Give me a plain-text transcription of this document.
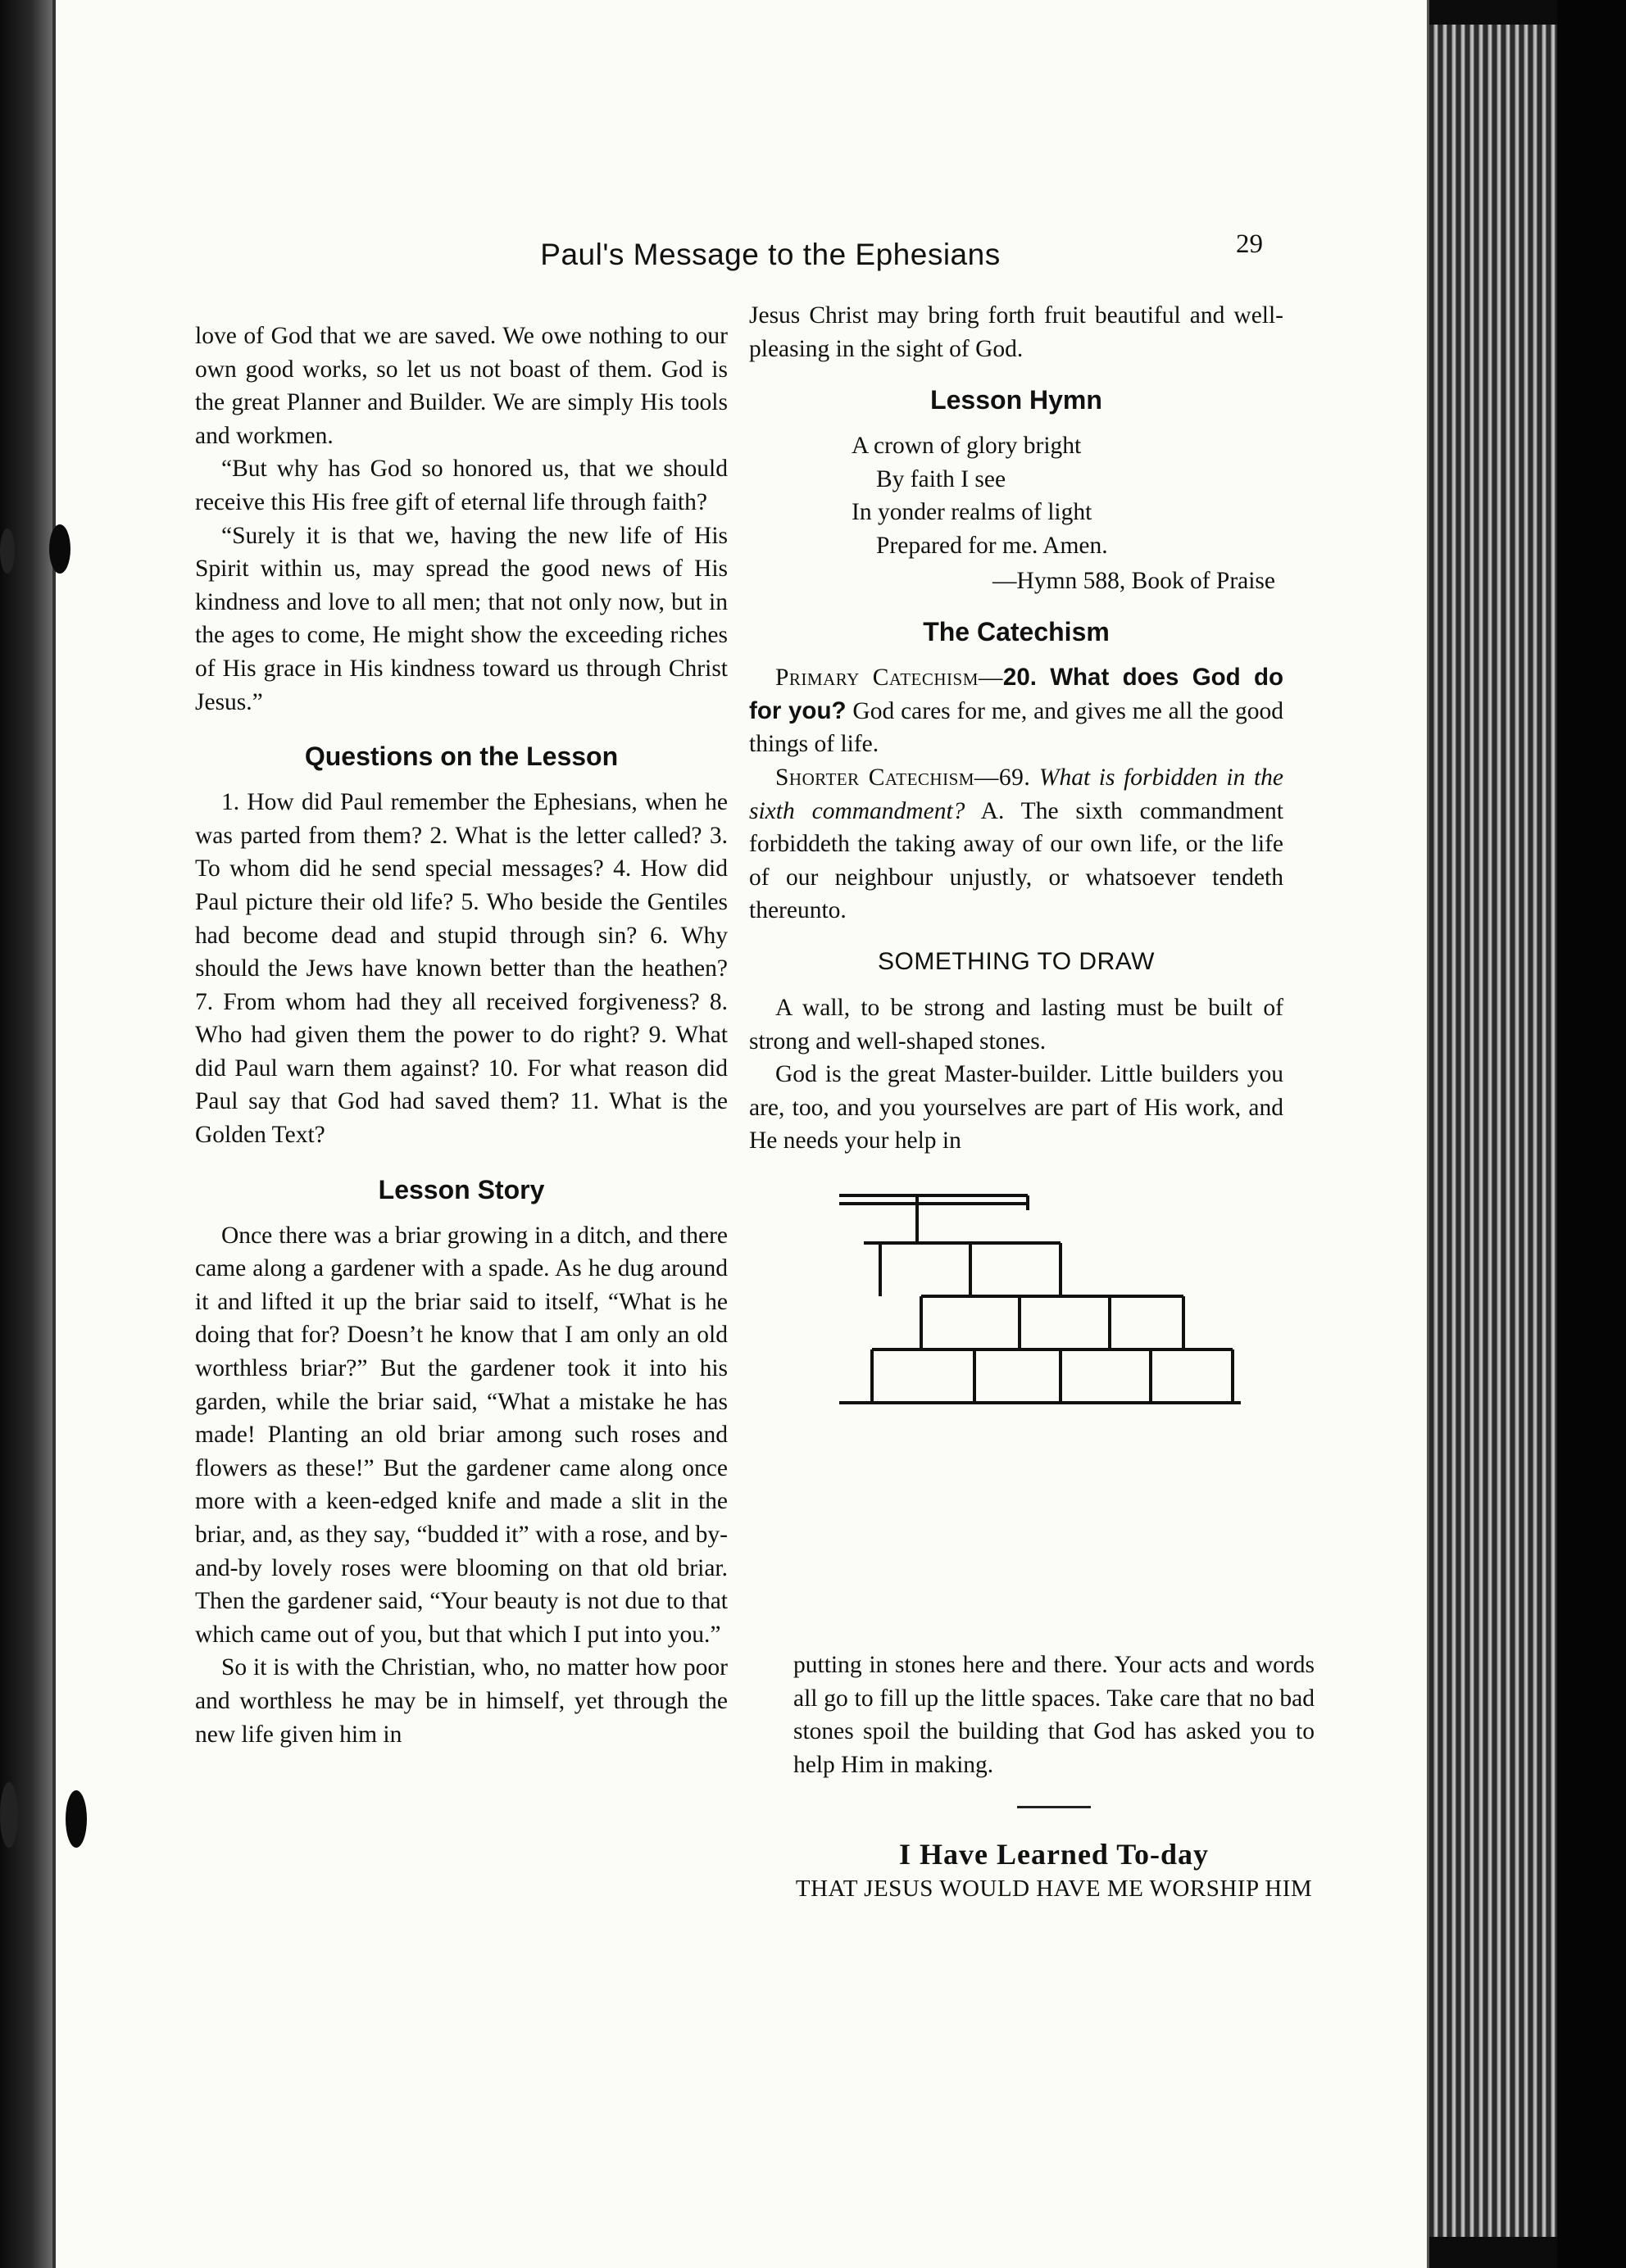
Paul's Message to the Ephesians	29

love of God that we are saved. We owe nothing to our own good works, so let us not boast of them. God is the great Planner and Builder. We are simply His tools and workmen.

“But why has God so honored us, that we should receive this His free gift of eternal life through faith?

“Surely it is that we, having the new life of His Spirit within us, may spread the good news of His kindness and love to all men; that not only now, but in the ages to come, He might show the exceeding riches of His grace in His kindness toward us through Christ Jesus.”

Questions on the Lesson

1. How did Paul remember the Ephesians, when he was parted from them? 2. What is the letter called? 3. To whom did he send special messages? 4. How did Paul picture their old life? 5. Who beside the Gentiles had become dead and stupid through sin? 6. Why should the Jews have known better than the heathen? 7. From whom had they all received forgiveness? 8. Who had given them the power to do right? 9. What did Paul warn them against? 10. For what reason did Paul say that God had saved them? 11. What is the Golden Text?

Lesson Story

Once there was a briar growing in a ditch, and there came along a gardener with a spade. As he dug around it and lifted it up the briar said to itself, “What is he doing that for? Doesn’t he know that I am only an old worthless briar?” But the gardener took it into his garden, while the briar said, “What a mistake he has made! Planting an old briar among such roses and flowers as these!” But the gardener came along once more with a keen-edged knife and made a slit in the briar, and, as they say, “budded it” with a rose, and by-and-by lovely roses were blooming on that old briar. Then the gardener said, “Your beauty is not due to that which came out of you, but that which I put into you.”

So it is with the Christian, who, no matter how poor and worthless he may be in himself, yet through the new life given him in

Jesus Christ may bring forth fruit beautiful and well-pleasing in the sight of God.

Lesson Hymn
A crown of glory bright
By faith I see
In yonder realms of light
Prepared for me. Amen.
—Hymn 588, Book of Praise
The Catechism

Primary Catechism—20. What does God do for you? God cares for me, and gives me all the good things of life.

Shorter Catechism—69. What is forbidden in the sixth commandment? A. The sixth commandment forbiddeth the taking away of our own life, or the life of our neighbour unjustly, or whatsoever tendeth thereunto.

SOMETHING TO DRAW

A wall, to be strong and lasting must be built of strong and well-shaped stones.

God is the great Master-builder. Little builders you are, too, and you yourselves are part of His work, and He needs your help in

putting in stones here and there. Your acts and words all go to fill up the little spaces. Take care that no bad stones spoil the building that God has asked you to help Him in making.

I Have Learned To-day
THAT JESUS WOULD HAVE ME WORSHIP HIM
